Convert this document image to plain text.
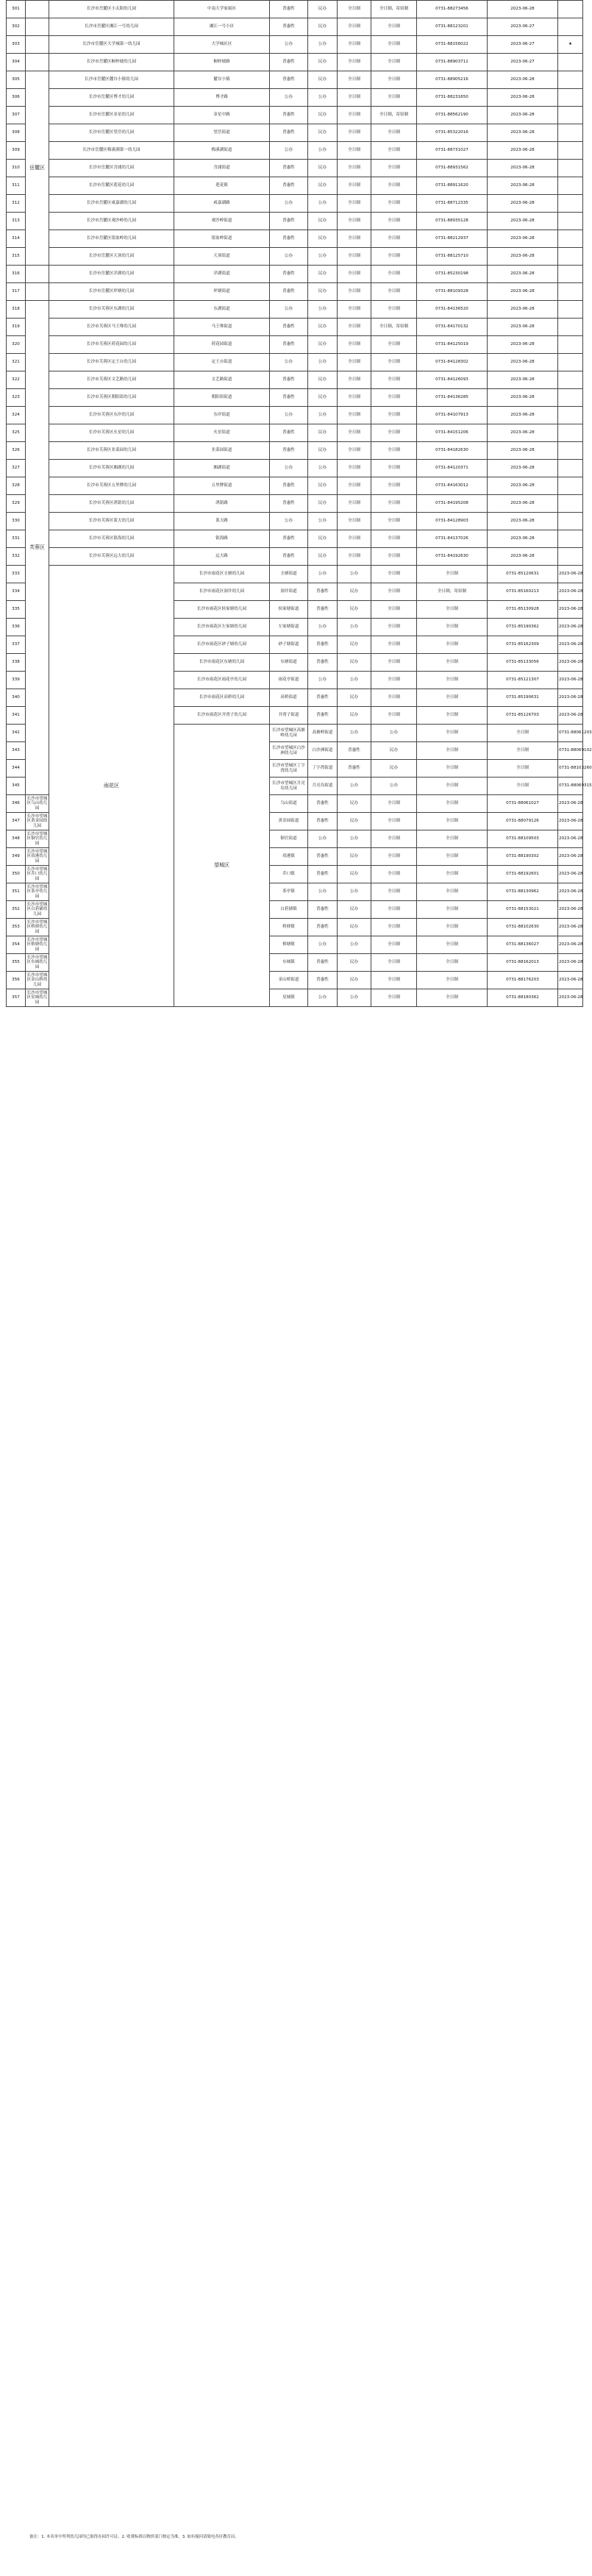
301		长沙市岳麓区小太阳幼儿园	中南大学家属区	普惠性	民办	全日制	全日制，寄宿制	0731-88273456	2023-06-28		
302		长沙市岳麓区湘江一号幼儿园	湘江一号小区	普惠性	民办	全日制	全日制	0731-88123201	2023-06-27		
303		长沙市岳麓区大学城第一幼儿园	大学城社区	公办	公办	全日制	全日制	0731-88156022	2023-06-27	★	
304		长沙市岳麓区桐梓坡幼儿园	桐梓坡路	普惠性	民办	全日制	全日制	0731-88903712	2023-06-27		
305	岳麓区	长沙市岳麓区麓谷小镇幼儿园	麓谷小镇	普惠性	民办	全日制	全日制	0731-88905216	2023-06-28		
306		长沙市岳麓区博才幼儿园	博才路	公办	公办	全日制	全日制	0731-88231650	2023-06-28		
307		长沙市岳麓区金星幼儿园	金星中路	普惠性	民办	全日制	全日制，寄宿制	0731-88562190	2023-06-28		
308		长沙市岳麓区望岳幼儿园	望岳街道	普惠性	民办	全日制	全日制	0731-85322016	2023-06-28		
309		长沙市岳麓区梅溪湖第一幼儿园	梅溪湖街道	公办	公办	全日制	全日制	0731-88731027	2023-06-28		
310		长沙市岳麓区含浦幼儿园	含浦街道	普惠性	民办	全日制	全日制	0731-88931562	2023-06-28		
311		长沙市岳麓区莲花幼儿园	莲花镇	普惠性	民办	全日制	全日制	0731-88911620	2023-06-28		
312		长沙市岳麓区咸嘉湖幼儿园	咸嘉湖路	公办	公办	全日制	全日制	0731-88712335	2023-06-28		
313		长沙市岳麓区观沙岭幼儿园	观沙岭街道	普惠性	民办	全日制	全日制	0731-88935128	2023-06-28		
314		长沙市岳麓区银盆岭幼儿园	银盆岭街道	普惠性	民办	全日制	全日制	0731-88212937	2023-06-28		
315		长沙市岳麓区天顶幼儿园	天顶街道	公办	公办	全日制	全日制	0731-88125710	2023-06-28		
316		长沙市岳麓区洋湖幼儿园	洋湖街道	普惠性	民办	全日制	全日制	0731-85230198	2023-06-28		
317		长沙市岳麓区坪塘幼儿园	坪塘街道	普惠性	民办	全日制	全日制	0731-88109328	2023-06-28		
318	芙蓉区	长沙市芙蓉区东湖幼儿园	东湖街道	公办	公办	全日制	全日制	0731-84136520	2023-06-28		
319		长沙市芙蓉区马王堆幼儿园	马王堆街道	普惠性	民办	全日制	全日制，寄宿制	0731-84170132	2023-06-28		
320		长沙市芙蓉区荷花园幼儿园	荷花园街道	普惠性	民办	全日制	全日制	0731-84125019	2023-06-28		
321		长沙市芙蓉区定王台幼儿园	定王台街道	公办	公办	全日制	全日制	0731-84128302	2023-06-28		
322		长沙市芙蓉区文艺路幼儿园	文艺路街道	普惠性	民办	全日制	全日制	0731-84126093	2023-06-28		
323		长沙市芙蓉区朝阳街幼儿园	朝阳街街道	普惠性	民办	全日制	全日制	0731-84136285	2023-06-28		
324		长沙市芙蓉区东岸幼儿园	东岸街道	公办	公办	全日制	全日制	0731-84107913	2023-06-28		
325		长沙市芙蓉区火星幼儿园	火星街道	普惠性	民办	全日制	全日制	0731-84151206	2023-06-28		
326		长沙市芙蓉区韭菜园幼儿园	韭菜园街道	普惠性	民办	全日制	全日制	0731-84182630	2023-06-28		
327		长沙市芙蓉区湘湖幼儿园	湘湖街道	公办	公办	全日制	全日制	0731-84120371	2023-06-28		
328		长沙市芙蓉区五里牌幼儿园	五里牌街道	普惠性	民办	全日制	全日制	0731-84163012	2023-06-28		
329		长沙市芙蓉区鸿铭幼儿园	鸿铭路	普惠性	民办	全日制	全日制	0731-84195208	2023-06-28		
330		长沙市芙蓉区蓝天幼儿园	蓝天路	公办	公办	全日制	全日制	0731-84128903	2023-06-28		
331		长沙市芙蓉区银海幼儿园	银海路	普惠性	民办	全日制	全日制	0731-84137026	2023-06-28		
332		长沙市芙蓉区远大幼儿园	远大路	普惠性	民办	全日制	全日制	0731-84192630	2023-06-28		
333		雨花区	长沙市雨花区圭塘幼儿园	圭塘街道	公办	公办	全日制	全日制	0731-85120631	2023-06-28	
334			长沙市雨花区洞井幼儿园	洞井街道	普惠性	民办	全日制	全日制，寄宿制	0731-85160213	2023-06-28	
335			长沙市雨花区侯家塘幼儿园	侯家塘街道	普惠性	民办	全日制	全日制	0731-85130928	2023-06-28	
336			长沙市雨花区左家塘幼儿园	左家塘街道	公办	公办	全日制	全日制	0731-85190362	2023-06-28	
337			长沙市雨花区砂子塘幼儿园	砂子塘街道	普惠性	民办	全日制	全日制	0731-85162309	2023-06-28	
338			长沙市雨花区东塘幼儿园	东塘街道	普惠性	民办	全日制	全日制	0731-85133056	2023-06-28	
339			长沙市雨花区雨花亭幼儿园	雨花亭街道	公办	公办	全日制	全日制	0731-85121307	2023-06-28	
340			长沙市雨花区高桥幼儿园	高桥街道	普惠性	民办	全日制	全日制	0731-85190631	2023-06-28	
341			长沙市雨花区井湾子幼儿园	井湾子街道	普惠性	民办	全日制	全日制	0731-85126703	2023-06-28	
342			望城区	长沙市望城区高塘岭幼儿园	高塘岭街道	公办	公办	全日制	全日制	0731-88061203		
343				长沙市望城区白沙洲幼儿园	白沙洲街道	普惠性	民办	全日制	全日制	0731-88069102		
344				长沙市望城区丁字湾幼儿园	丁字湾街道	普惠性	民办	全日制	全日制	0731-88103260		
345				长沙市望城区月亮岛幼儿园	月亮岛街道	公办	公办	全日制	全日制	0731-88069315		
346	长沙市望城区乌山幼儿园			乌山街道	普惠性	民办	全日制	全日制	0731-88061027	2023-06-28	
347	长沙市望城区黄金园幼儿园			黄金园街道	普惠性	民办	全日制	全日制	0731-88079126	2023-06-28	
348	长沙市望城区铜官幼儿园			铜官街道	公办	公办	全日制	全日制	0731-88109503	2023-06-28	
349	长沙市望城区靖港幼儿园			靖港镇	普惠性	民办	全日制	全日制	0731-88190302	2023-06-28	
350	长沙市望城区乔口幼儿园			乔口镇	普惠性	民办	全日制	全日制	0731-88192601	2023-06-28	
351	长沙市望城区茶亭幼儿园			茶亭镇	公办	公办	全日制	全日制	0731-88130962	2023-06-28	
352	长沙市望城区白箬铺幼儿园			白箬铺镇	普惠性	民办	全日制	全日制	0731-88153021	2023-06-28	
353	长沙市望城区桥驿幼儿园			桥驿镇	普惠性	民办	全日制	全日制	0731-88102630	2023-06-28	
354	长沙市望城区格塘幼儿园			格塘镇	公办	公办	全日制	全日制	0731-88136027	2023-06-28	
355	长沙市望城区东城幼儿园			东城镇	普惠性	民办	全日制	全日制	0731-88162013	2023-06-28	
356	长沙市望城区金山桥幼儿园			金山桥街道	普惠性	民办	全日制	全日制	0731-88176203	2023-06-28	
357	长沙市望城区星城幼儿园			星城镇	公办	公办	全日制	全日制	0731-88180362	2023-06-28	
备注：1. 本名单中所列幼儿园均已取得办园许可证。2. 收费标准以物价部门核定为准。3. 如有疑问请致电各区教育局。
